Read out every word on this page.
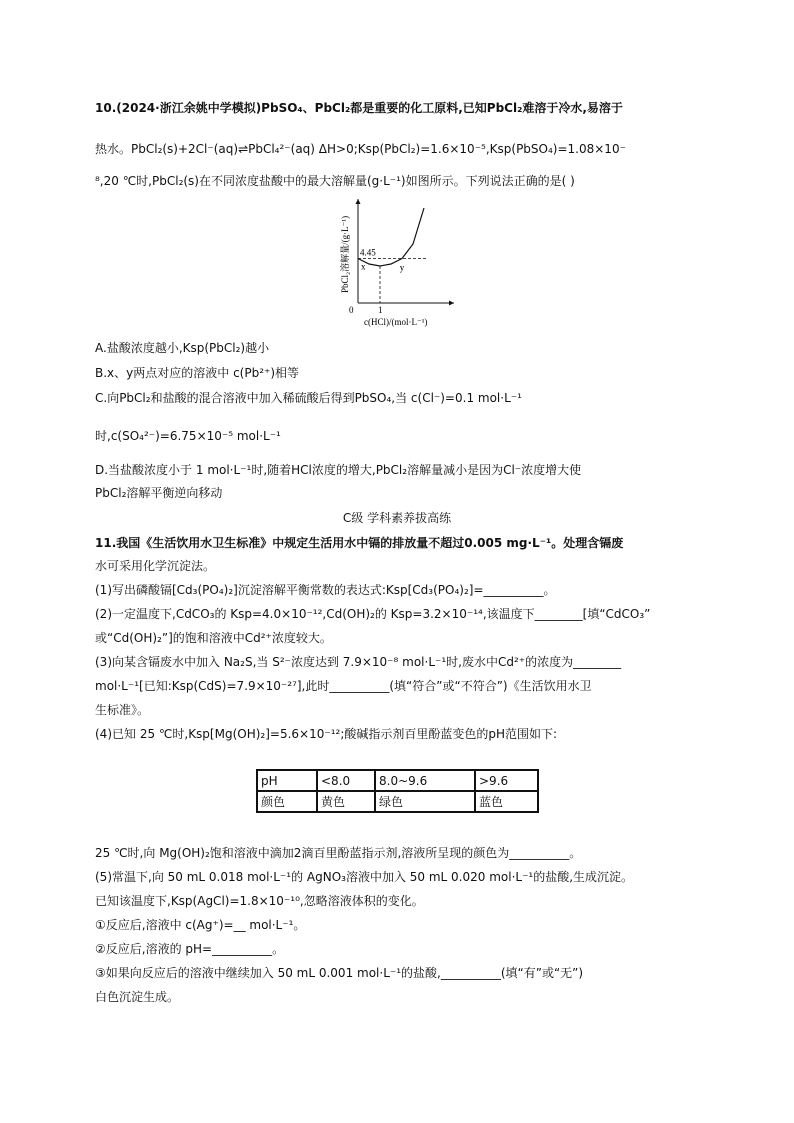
10.(2024·浙江余姚中学模拟)PbSO₄、PbCl₂都是重要的化工原料,已知PbCl₂难溶于冷水,易溶于
热水。PbCl₂(s)+2Cl⁻(aq)⇌PbCl₄²⁻(aq) ΔH>0;Ksp(PbCl₂)=1.6×10⁻⁵,Ksp(PbSO₄)=1.08×10⁻
⁸,20 ℃时,PbCl₂(s)在不同浓度盐酸中的最大溶解量(g·L⁻¹)如图所示。下列说法正确的是( )
4.45
x	y
0	1
c(HCl)/(mol·L⁻¹)
PbCl₂溶解量/(g·L⁻¹)
A.盐酸浓度越小,Ksp(PbCl₂)越小
B.x、y两点对应的溶液中 c(Pb²⁺)相等
C.向PbCl₂和盐酸的混合溶液中加入稀硫酸后得到PbSO₄,当 c(Cl⁻)=0.1 mol·L⁻¹
时,c(SO₄²⁻)=6.75×10⁻⁵ mol·L⁻¹
D.当盐酸浓度小于 1 mol·L⁻¹时,随着HCl浓度的增大,PbCl₂溶解量减小是因为Cl⁻浓度增大使
PbCl₂溶解平衡逆向移动
C级 学科素养拔高练
11.我国《生活饮用水卫生标准》中规定生活用水中镉的排放量不超过0.005 mg·L⁻¹。处理含镉废
水可采用化学沉淀法。
(1)写出磷酸镉[Cd₃(PO₄)₂]沉淀溶解平衡常数的表达式:Ksp[Cd₃(PO₄)₂]=__________。
(2)一定温度下,CdCO₃的 Ksp=4.0×10⁻¹²,Cd(OH)₂的 Ksp=3.2×10⁻¹⁴,该温度下________[填“CdCO₃”
或“Cd(OH)₂”]的饱和溶液中Cd²⁺浓度较大。
(3)向某含镉废水中加入 Na₂S,当 S²⁻浓度达到 7.9×10⁻⁸ mol·L⁻¹时,废水中Cd²⁺的浓度为________
mol·L⁻¹[已知:Ksp(CdS)=7.9×10⁻²⁷],此时__________(填“符合”或“不符合”)《生活饮用水卫
生标准》。
(4)已知 25 ℃时,Ksp[Mg(OH)₂]=5.6×10⁻¹²;酸碱指示剂百里酚蓝变色的pH范围如下:
pH	<8.0	8.0~9.6	>9.6
颜色	黄色	绿色	蓝色
25 ℃时,向 Mg(OH)₂饱和溶液中滴加2滴百里酚蓝指示剂,溶液所呈现的颜色为__________。
(5)常温下,向 50 mL 0.018 mol·L⁻¹的 AgNO₃溶液中加入 50 mL 0.020 mol·L⁻¹的盐酸,生成沉淀。
已知该温度下,Ksp(AgCl)=1.8×10⁻¹⁰,忽略溶液体积的变化。
①反应后,溶液中 c(Ag⁺)=__ mol·L⁻¹。
②反应后,溶液的 pH=__________。
③如果向反应后的溶液中继续加入 50 mL 0.001 mol·L⁻¹的盐酸,__________(填“有”或“无”)
白色沉淀生成。
